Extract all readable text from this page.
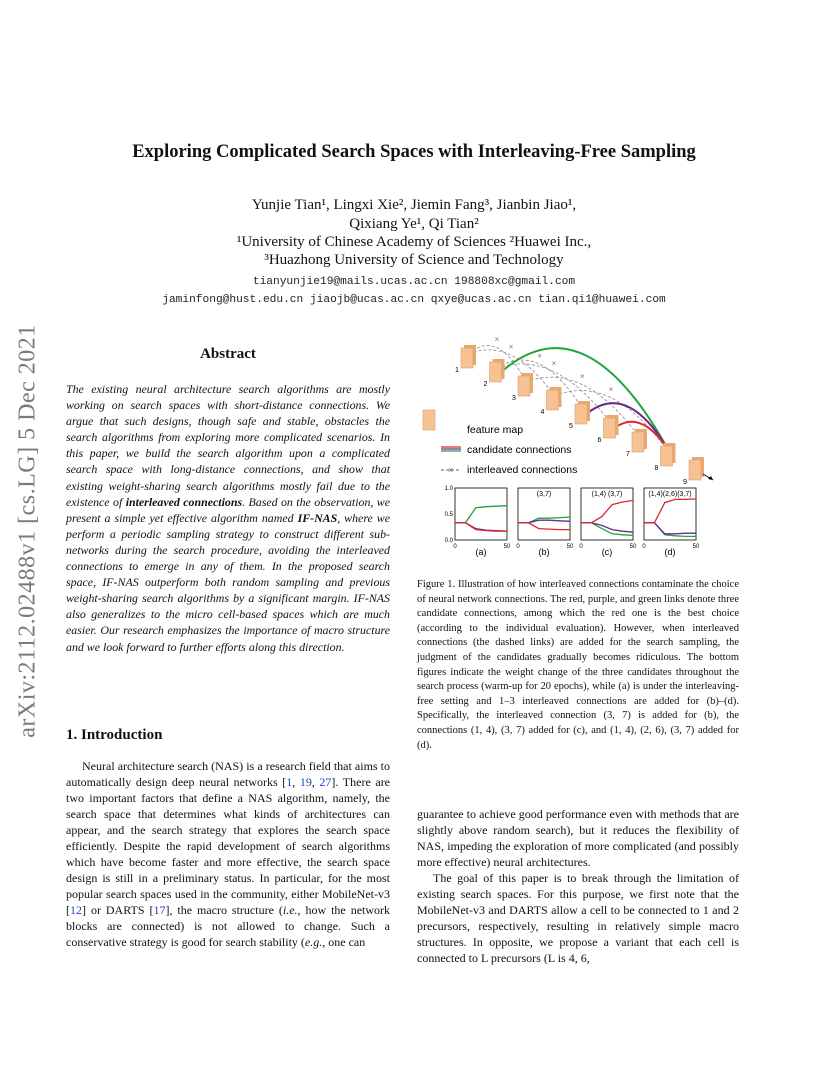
arXiv:2112.02488v1 [cs.LG] 5 Dec 2021
Exploring Complicated Search Spaces with Interleaving-Free Sampling
Yunjie Tian¹, Lingxi Xie², Jiemin Fang³, Jianbin Jiao¹,
Qixiang Ye¹, Qi Tian²
¹University of Chinese Academy of Sciences ²Huawei Inc.,
³Huazhong University of Science and Technology
tianyunjie19@mails.ucas.ac.cn 198808xc@gmail.com
jaminfong@hust.edu.cn jiaojb@ucas.ac.cn qxye@ucas.ac.cn tian.qi1@huawei.com
Abstract
The existing neural architecture search algorithms are mostly working on search spaces with short-distance connections. We argue that such designs, though safe and stable, obstacles the search algorithms from exploring more complicated scenarios. In this paper, we build the search algorithm upon a complicated search space with long-distance connections, and show that existing weight-sharing search algorithms mostly fail due to the existence of interleaved connections. Based on the observation, we present a simple yet effective algorithm named IF-NAS, where we perform a periodic sampling strategy to construct different sub-networks during the search procedure, avoiding the interleaved connections to emerge in any of them. In the proposed search space, IF-NAS outperform both random sampling and previous weight-sharing search algorithms by a significant margin. IF-NAS also generalizes to the micro cell-based spaces which are much easier. Our research emphasizes the importance of macro structure and we look forward to further efforts along this direction.
1. Introduction

Neural architecture search (NAS) is a research field that aims to automatically design deep neural networks [1, 19, 27]. There are two important factors that define a NAS algorithm, namely, the search space that determines what kinds of architectures can appear, and the search strategy that explores the search space efficiently. Despite the rapid development of search algorithms which have become faster and more effective, the search space design is still in a preliminary status. In particular, for the most popular search spaces used in the community, either MobileNet-v3 [12] or DARTS [17], the macro structure (i.e., how the network blocks are connected) is not allowed to change. Such a conservative strategy is good for search stability (e.g., one can

guarantee to achieve good performance even with methods that are slightly above random search), but it reduces the flexibility of NAS, impeding the exploration of more complicated (and possibly more effective) neural architectures.

The goal of this paper is to break through the limitation of existing search spaces. For this purpose, we first note that the MobileNet-v3 and DARTS allow a cell to be connected to 1 and 2 precursors, respectively, resulting in relatively simple macro structures. In opposite, we propose a variant that each cell is connected to L precursors (L is 4, 6,

Figure 1. Illustration of how interleaved connections contaminate the choice of neural network connections. The red, purple, and green links denote three candidate connections, among which the red one is the best choice (according to the individual evaluation). However, when interleaved connections (the dashed links) are added for the search sampling, the judgment of the candidates gradually becomes ridiculous. The bottom figures indicate the weight change of the three candidates throughout the search process (warm-up for 20 epochs), while (a) is under the interleaving-free setting and 1–3 interleaved connections are added for (b)–(d). Specifically, the interleaved connection (3, 7) is added for (b), the connections (1, 4), (3, 7) added for (c), and (1, 4), (2, 6), (3, 7) added for (d).
×
×
×
×
×
×
1
2
3
4
5
6
7
8
9
feature map
candidate connections
× interleaved connections
(a)
0	50
1.0
0.5
0.0
(3,7)
(b)
0	50
(1,4) (3,7)
(c)
0	50
(1,4)(2,6)(3,7)
(d)
0	50
